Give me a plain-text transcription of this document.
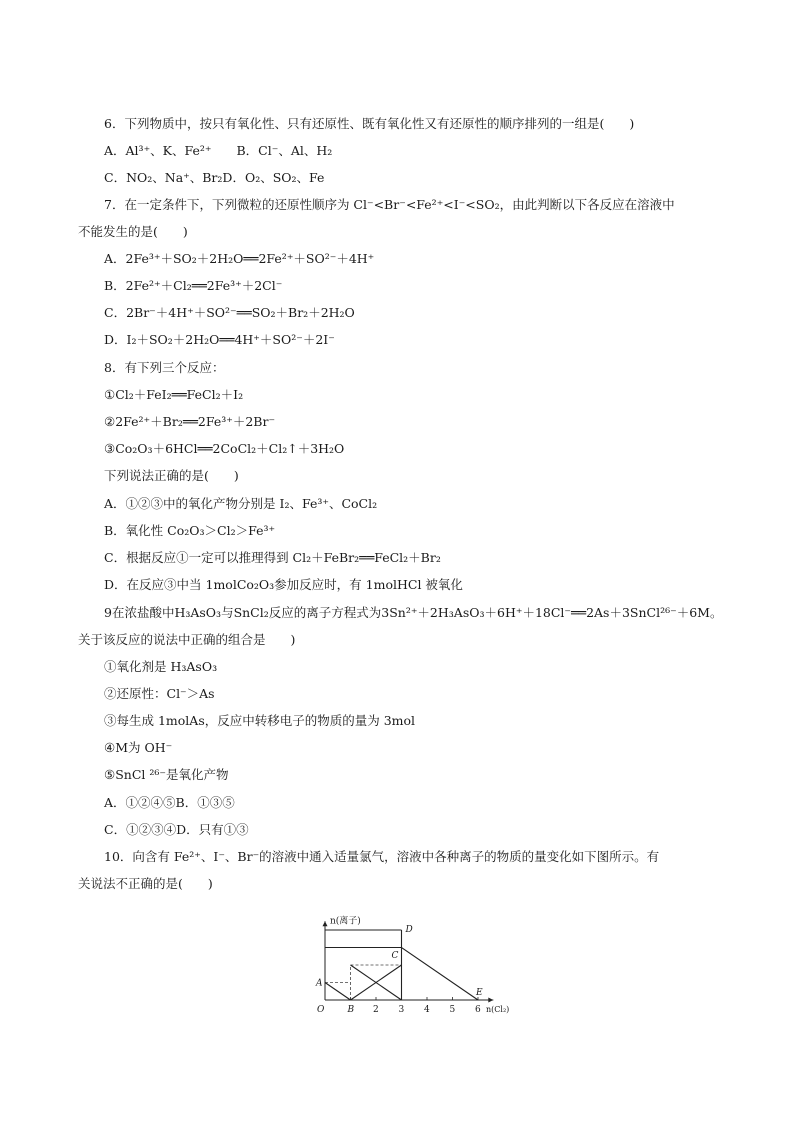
6．下列物质中，按只有氧化性、只有还原性、既有氧化性又有还原性的顺序排列的一组是(　　)
A．Al³⁺、K、Fe²⁺　　B．Cl⁻、Al、H₂
C．NO₂、Na⁺、Br₂D．O₂、SO₂、Fe
7．在一定条件下，下列微粒的还原性顺序为 Cl⁻<Br⁻<Fe²⁺<I⁻<SO₂，由此判断以下各反应在溶液中
不能发生的是(　　)
A．2Fe³⁺＋SO₂＋2H₂O══2Fe²⁺＋SO²⁻＋4H⁺
B．2Fe²⁺＋Cl₂══2Fe³⁺＋2Cl⁻
C．2Br⁻＋4H⁺＋SO²⁻══SO₂＋Br₂＋2H₂O
D．I₂＋SO₂＋2H₂O══4H⁺＋SO²⁻＋2I⁻
8．有下列三个反应：
①Cl₂＋FeI₂══FeCl₂＋I₂
②2Fe²⁺＋Br₂══2Fe³⁺＋2Br⁻
③Co₂O₃＋6HCl══2CoCl₂＋Cl₂↑＋3H₂O
下列说法正确的是(　　)
A．①②③中的氧化产物分别是 I₂、Fe³⁺、CoCl₂
B．氧化性 Co₂O₃＞Cl₂＞Fe³⁺
C．根据反应①一定可以推理得到 Cl₂＋FeBr₂══FeCl₂＋Br₂
D．在反应③中当 1molCo₂O₃参加反应时，有 1molHCl 被氧化
9在浓盐酸中H₃AsO₃与SnCl₂反应的离子方程式为3Sn²⁺＋2H₃AsO₃＋6H⁺＋18Cl⁻══2As＋3SnCl²⁶⁻＋6M。
关于该反应的说法中正确的组合是　　)
①氧化剂是 H₃AsO₃
②还原性：Cl⁻＞As
③每生成 1molAs，反应中转移电子的物质的量为 3mol
④M为 OH⁻
⑤SnCl ²⁶⁻是氧化产物
A．①②④⑤B．①③⑤
C．①②③④D．只有①③
10．向含有 Fe²⁺、I⁻、Br⁻的溶液中通入适量氯气，溶液中各种离子的物质的量变化如下图所示。有
关说法不正确的是(　　)
O	B 2 3 4 5 6
D
C
A
E
n(离子)
n(Cl₂)
